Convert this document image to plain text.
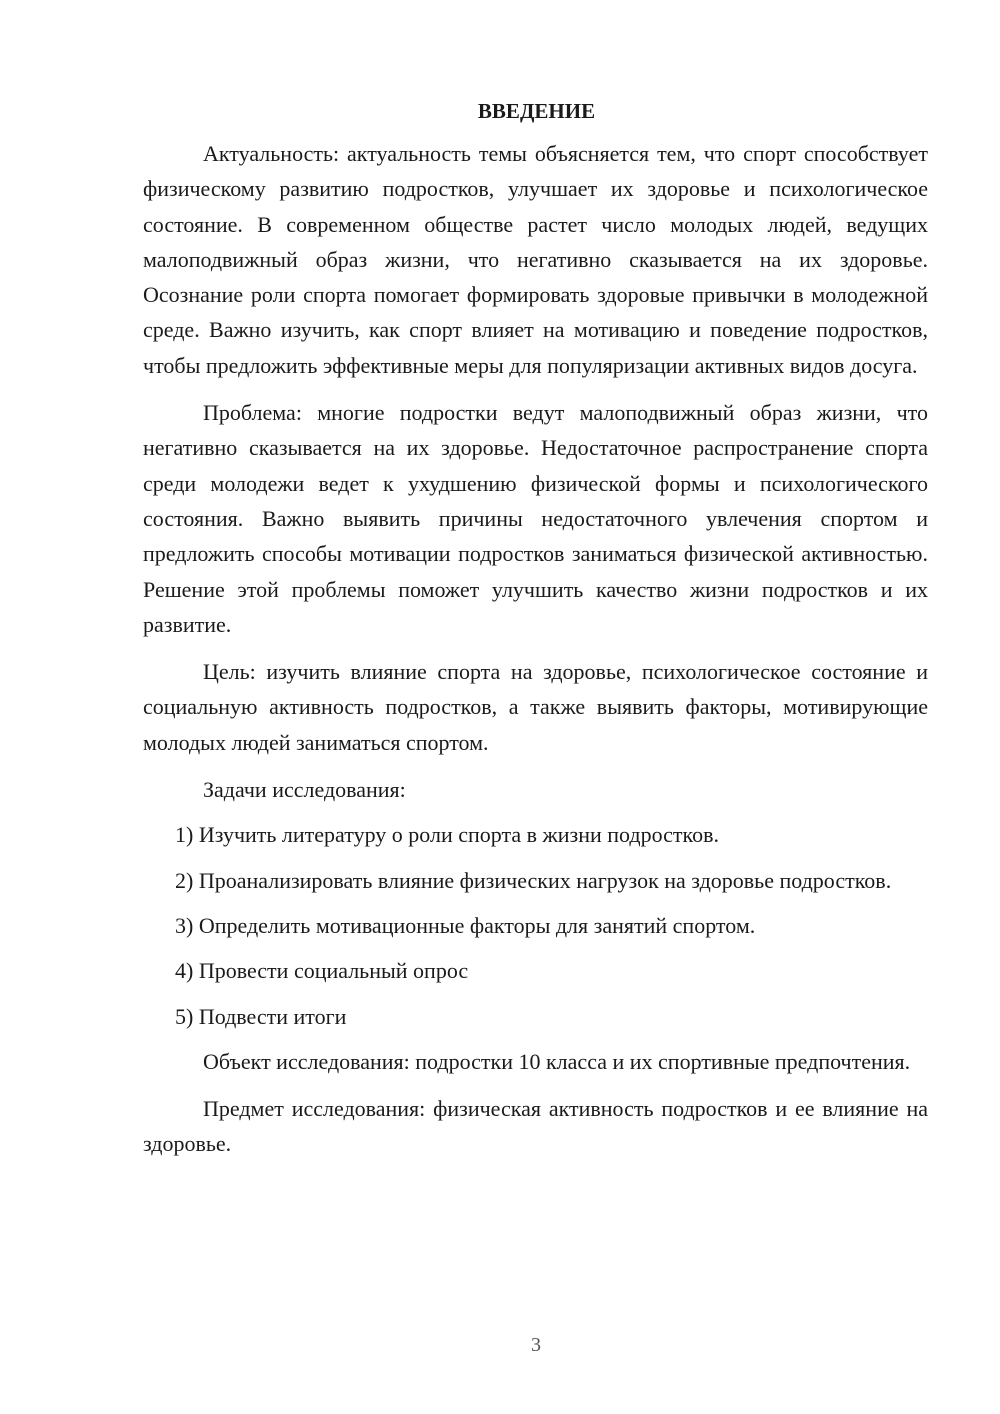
ВВЕДЕНИЕ

Актуальность: актуальность темы объясняется тем, что спорт способствует физическому развитию подростков, улучшает их здоровье и психологическое состояние. В современном обществе растет число молодых людей, ведущих малоподвижный образ жизни, что негативно сказывается на их здоровье. Осознание роли спорта помогает формировать здоровые привычки в молодежной среде. Важно изучить, как спорт влияет на мотивацию и поведение подростков, чтобы предложить эффективные меры для популяризации активных видов досуга.

Проблема: многие подростки ведут малоподвижный образ жизни, что негативно сказывается на их здоровье. Недостаточное распространение спорта среди молодежи ведет к ухудшению физической формы и психологического состояния. Важно выявить причины недостаточного увлечения спортом и предложить способы мотивации подростков заниматься физической активностью. Решение этой проблемы поможет улучшить качество жизни подростков и их развитие.

Цель: изучить влияние спорта на здоровье, психологическое состояние и социальную активность подростков, а также выявить факторы, мотивирующие молодых людей заниматься спортом.

Задачи исследования:

1) Изучить литературу о роли спорта в жизни подростков.

2) Проанализировать влияние физических нагрузок на здоровье подростков.

3) Определить мотивационные факторы для занятий спортом.

4) Провести социальный опрос

5) Подвести итоги

Объект исследования: подростки 10 класса и их спортивные предпочтения.

Предмет исследования: физическая активность подростков и ее влияние на здоровье.

3
